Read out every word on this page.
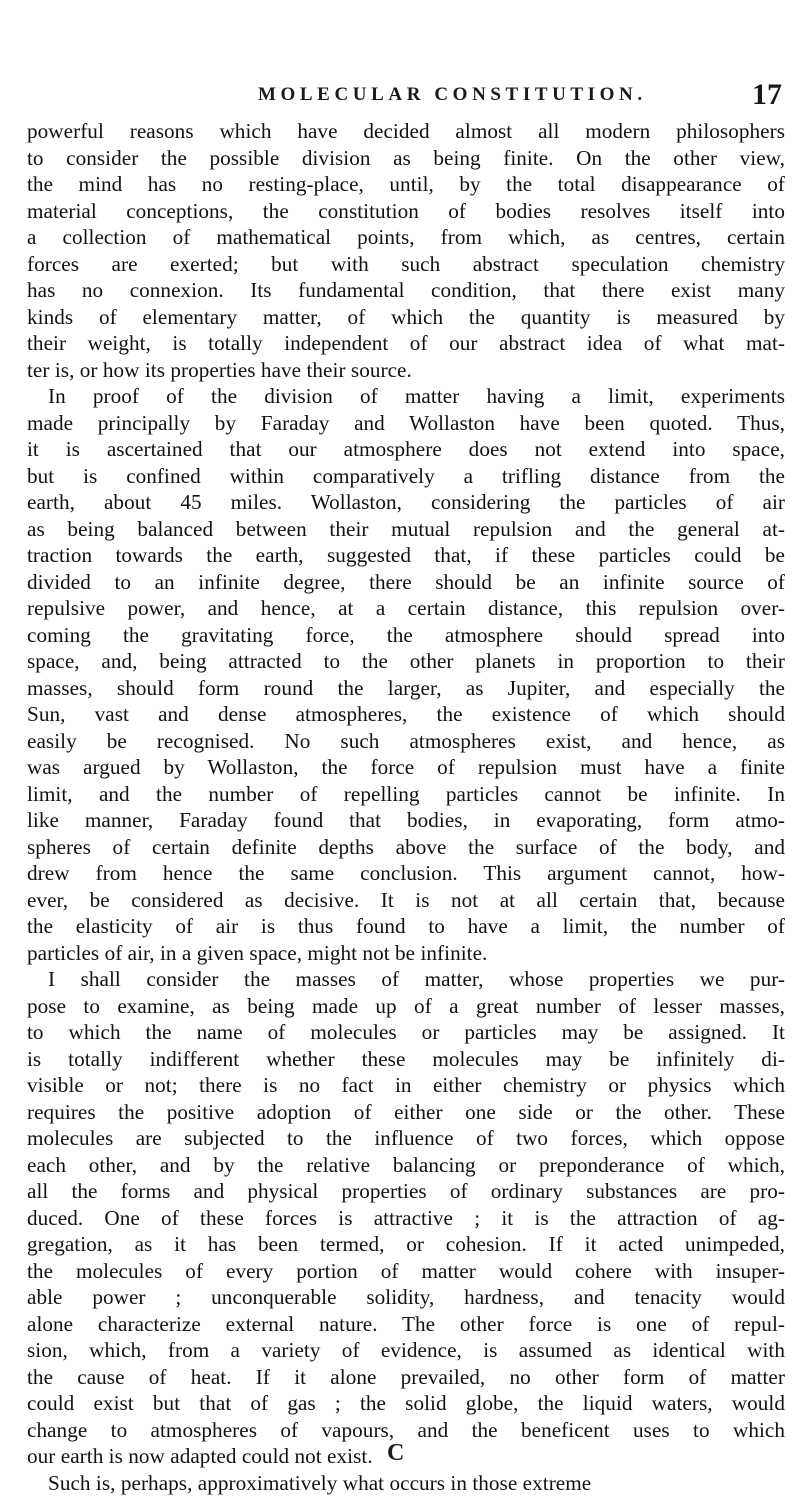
MOLECULAR CONSTITUTION.	17

powerful reasons which have decided almost all modern philosophers
to consider the possible division as being finite. On the other view,
the mind has no resting-place, until, by the total disappearance of
material conceptions, the constitution of bodies resolves itself into
a collection of mathematical points, from which, as centres, certain
forces are exerted; but with such abstract speculation chemistry
has no connexion. Its fundamental condition, that there exist many
kinds of elementary matter, of which the quantity is measured by
their weight, is totally independent of our abstract idea of what mat-
ter is, or how its properties have their source.

In proof of the division of matter having a limit, experiments
made principally by Faraday and Wollaston have been quoted. Thus,
it is ascertained that our atmosphere does not extend into space,
but is confined within comparatively a trifling distance from the
earth, about 45 miles. Wollaston, considering the particles of air
as being balanced between their mutual repulsion and the general at-
traction towards the earth, suggested that, if these particles could be
divided to an infinite degree, there should be an infinite source of
repulsive power, and hence, at a certain distance, this repulsion over-
coming the gravitating force, the atmosphere should spread into
space, and, being attracted to the other planets in proportion to their
masses, should form round the larger, as Jupiter, and especially the
Sun, vast and dense atmospheres, the existence of which should
easily be recognised. No such atmospheres exist, and hence, as
was argued by Wollaston, the force of repulsion must have a finite
limit, and the number of repelling particles cannot be infinite. In
like manner, Faraday found that bodies, in evaporating, form atmo-
spheres of certain definite depths above the surface of the body, and
drew from hence the same conclusion. This argument cannot, how-
ever, be considered as decisive. It is not at all certain that, because
the elasticity of air is thus found to have a limit, the number of
particles of air, in a given space, might not be infinite.

I shall consider the masses of matter, whose properties we pur-
pose to examine, as being made up of a great number of lesser masses,
to which the name of molecules or particles may be assigned. It
is totally indifferent whether these molecules may be infinitely di-
visible or not; there is no fact in either chemistry or physics which
requires the positive adoption of either one side or the other. These
molecules are subjected to the influence of two forces, which oppose
each other, and by the relative balancing or preponderance of which,
all the forms and physical properties of ordinary substances are pro-
duced. One of these forces is attractive ; it is the attraction of ag-
gregation, as it has been termed, or cohesion. If it acted unimpeded,
the molecules of every portion of matter would cohere with insuper-
able power ; unconquerable solidity, hardness, and tenacity would
alone characterize external nature. The other force is one of repul-
sion, which, from a variety of evidence, is assumed as identical with
the cause of heat. If it alone prevailed, no other form of matter
could exist but that of gas ; the solid globe, the liquid waters, would
change to atmospheres of vapours, and the beneficent uses to which
our earth is now adapted could not exist.

Such is, perhaps, approximatively what occurs in those extreme

C
